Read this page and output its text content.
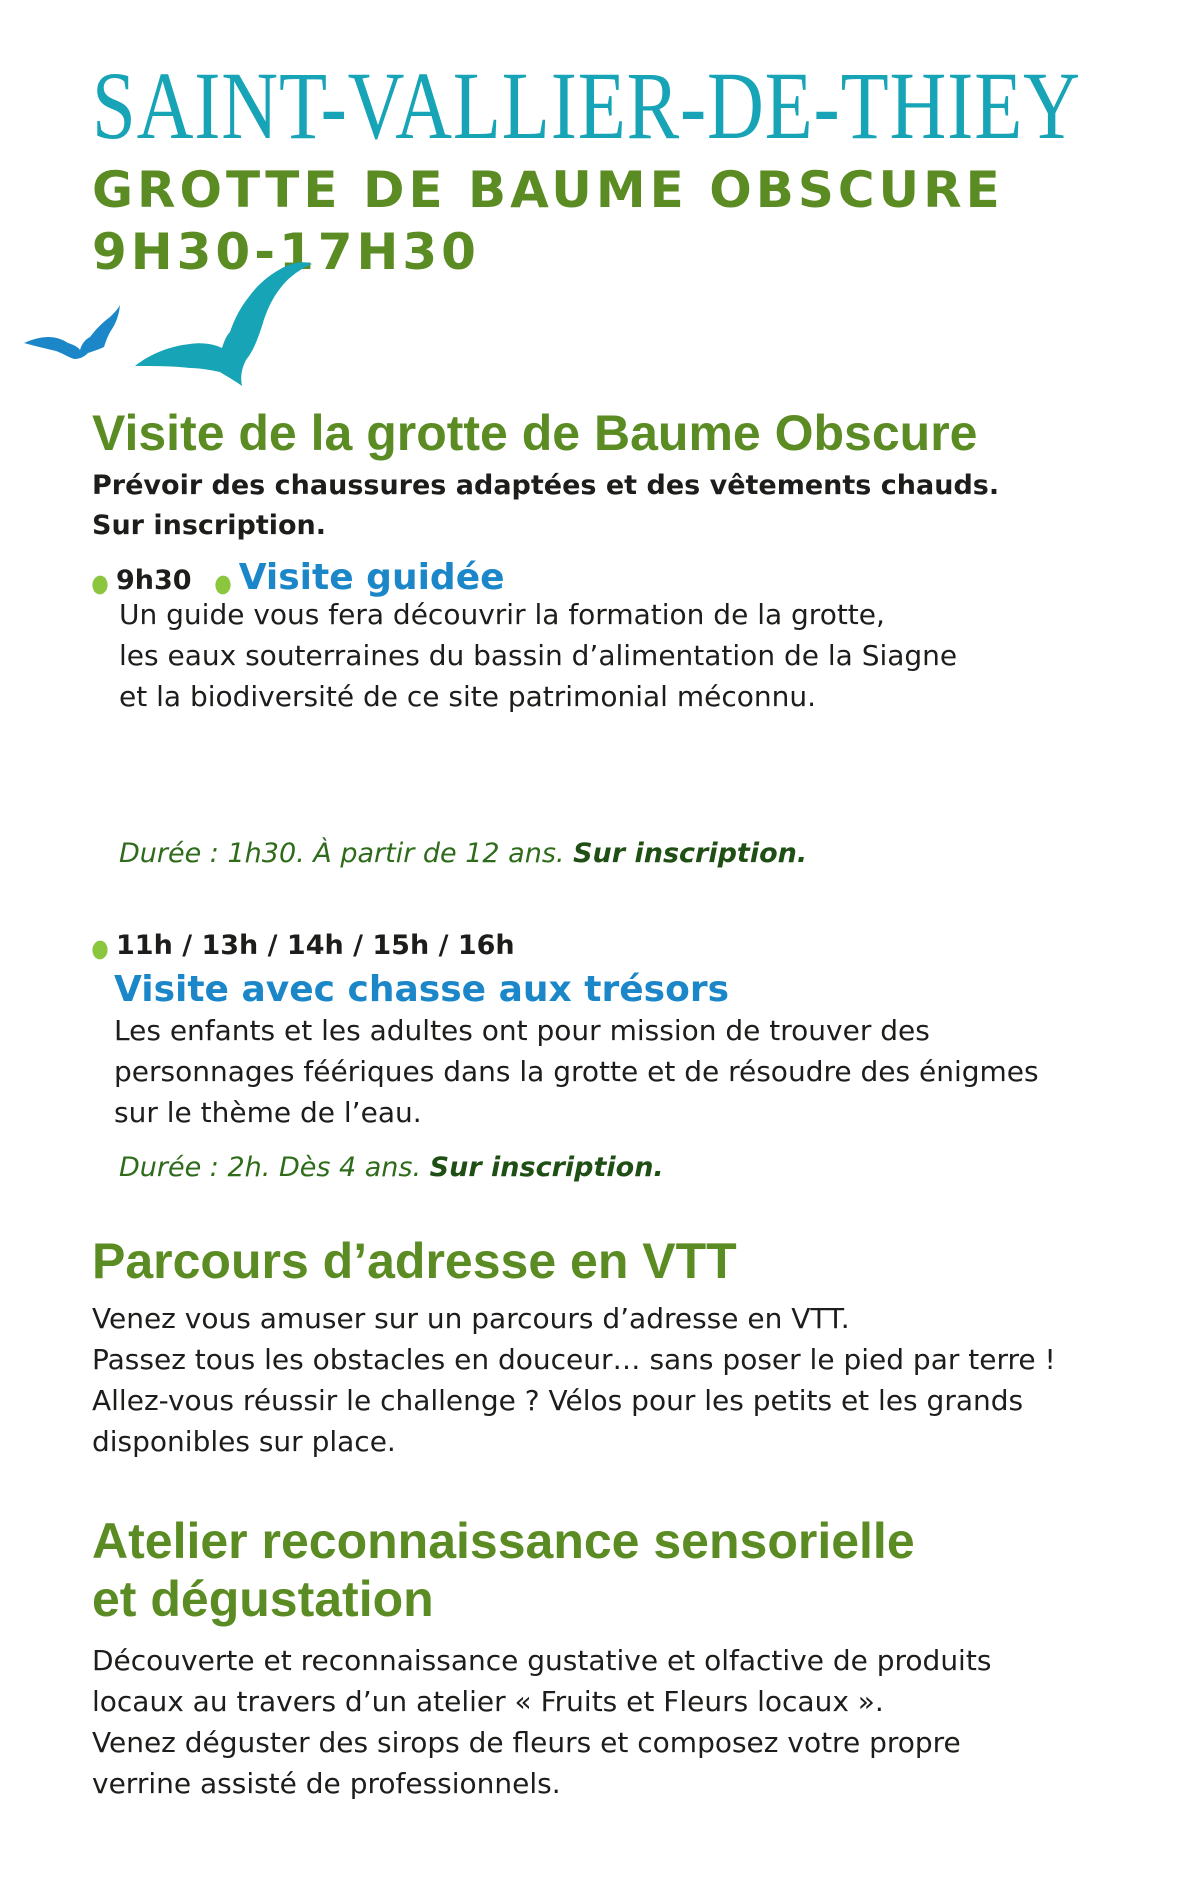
SAINT-VALLIER-DE-THIEY
GROTTE DE BAUME OBSCURE
9H30-17H30
Visite de la grotte de Baume Obscure
Prévoir des chaussures adaptées et des vêtements chauds.
Sur inscription.
9h30 Visite guidée
Un guide vous fera découvrir la formation de la grotte,
les eaux souterraines du bassin d’alimentation de la Siagne
et la biodiversité de ce site patrimonial méconnu.
Durée : 1h30. À partir de 12 ans. Sur inscription.
11h / 13h / 14h / 15h / 16h
Visite avec chasse aux trésors
Les enfants et les adultes ont pour mission de trouver des
personnages féériques dans la grotte et de résoudre des énigmes
sur le thème de l’eau.
Durée : 2h. Dès 4 ans. Sur inscription.
Parcours d’adresse en VTT
Venez vous amuser sur un parcours d’adresse en VTT.
Passez tous les obstacles en douceur… sans poser le pied par terre !
Allez-vous réussir le challenge ? Vélos pour les petits et les grands
disponibles sur place.
Atelier reconnaissance sensorielle
et dégustation
Découverte et reconnaissance gustative et olfactive de produits
locaux au travers d’un atelier « Fruits et Fleurs locaux ».
Venez déguster des sirops de fleurs et composez votre propre
verrine assisté de professionnels.
